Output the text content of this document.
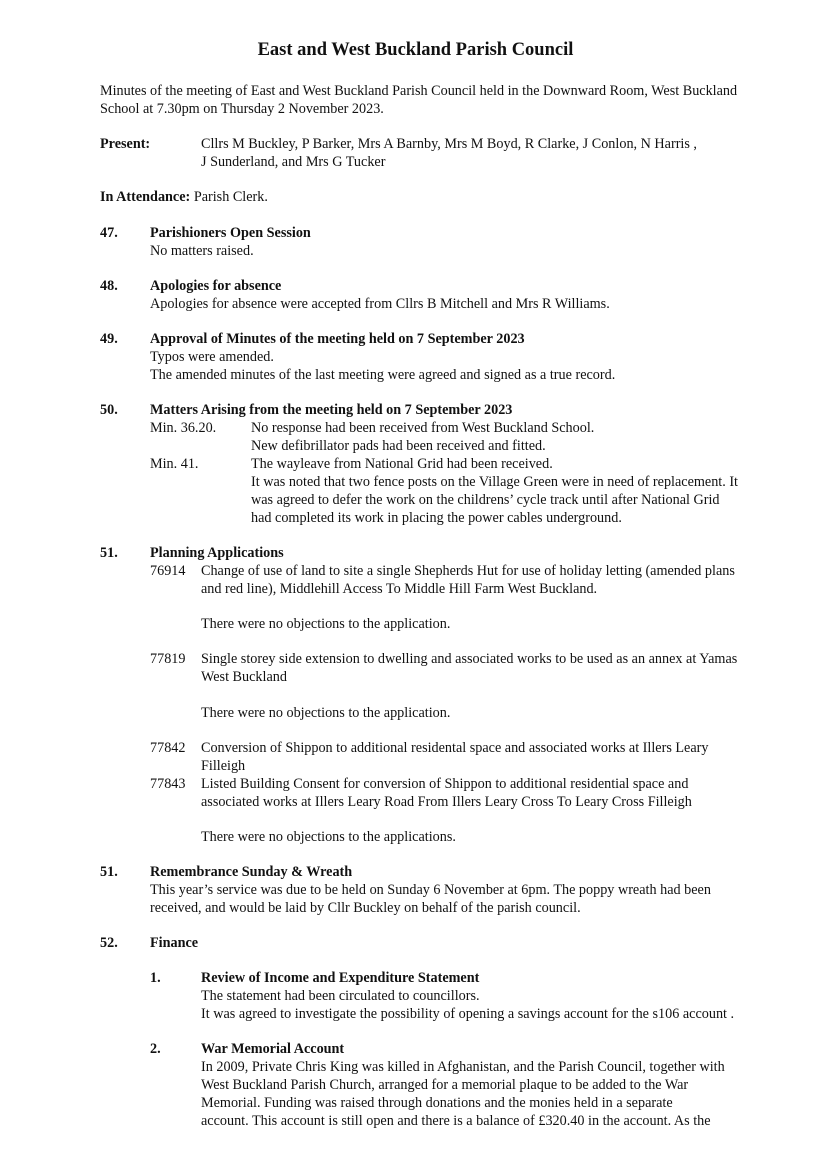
East and West Buckland Parish Council
Minutes of the meeting of East and West Buckland Parish Council held in the Downward Room, West Buckland
School at 7.30pm on Thursday 2 November 2023.
Present:	Cllrs M Buckley, P Barker, Mrs A Barnby, Mrs M Boyd, R Clarke, J Conlon, N Harris ,
J Sunderland, and Mrs G Tucker
In Attendance: Parish Clerk.
47. Parishioners Open Session
No matters raised.
48. Apologies for absence
Apologies for absence were accepted from Cllrs B Mitchell and Mrs R Williams.
49. Approval of Minutes of the meeting held on 7 September 2023
Typos were amended.
The amended minutes of the last meeting were agreed and signed as a true record.
50. Matters Arising from the meeting held on 7 September 2023
Min. 36.20. No response had been received from West Buckland School.
New defibrillator pads had been received and fitted.
Min. 41.	The wayleave from National Grid had been received.
It was noted that two fence posts on the Village Green were in need of replacement. It
was agreed to defer the work on the childrens’ cycle track until after National Grid
had completed its work in placing the power cables underground.
51. Planning Applications
76914 Change of use of land to site a single Shepherds Hut for use of holiday letting (amended plans
and red line), Middlehill Access To Middle Hill Farm West Buckland.
There were no objections to the application.
77819 Single storey side extension to dwelling and associated works to be used as an annex at Yamas
West Buckland
There were no objections to the application.
77842 Conversion of Shippon to additional residental space and associated works at Illers Leary
Filleigh
77843 Listed Building Consent for conversion of Shippon to additional residential space and
associated works at Illers Leary Road From Illers Leary Cross To Leary Cross Filleigh
There were no objections to the applications.
51. Remembrance Sunday & Wreath
This year’s service was due to be held on Sunday 6 November at 6pm. The poppy wreath had been
received, and would be laid by Cllr Buckley on behalf of the parish council.
52. Finance
1.	Review of Income and Expenditure Statement
The statement had been circulated to councillors.
It was agreed to investigate the possibility of opening a savings account for the s106 account .
2.	War Memorial Account
In 2009, Private Chris King was killed in Afghanistan, and the Parish Council, together with
West Buckland Parish Church, arranged for a memorial plaque to be added to the War
Memorial. Funding was raised through donations and the monies held in a separate
account. This account is still open and there is a balance of £320.40 in the account. As the
